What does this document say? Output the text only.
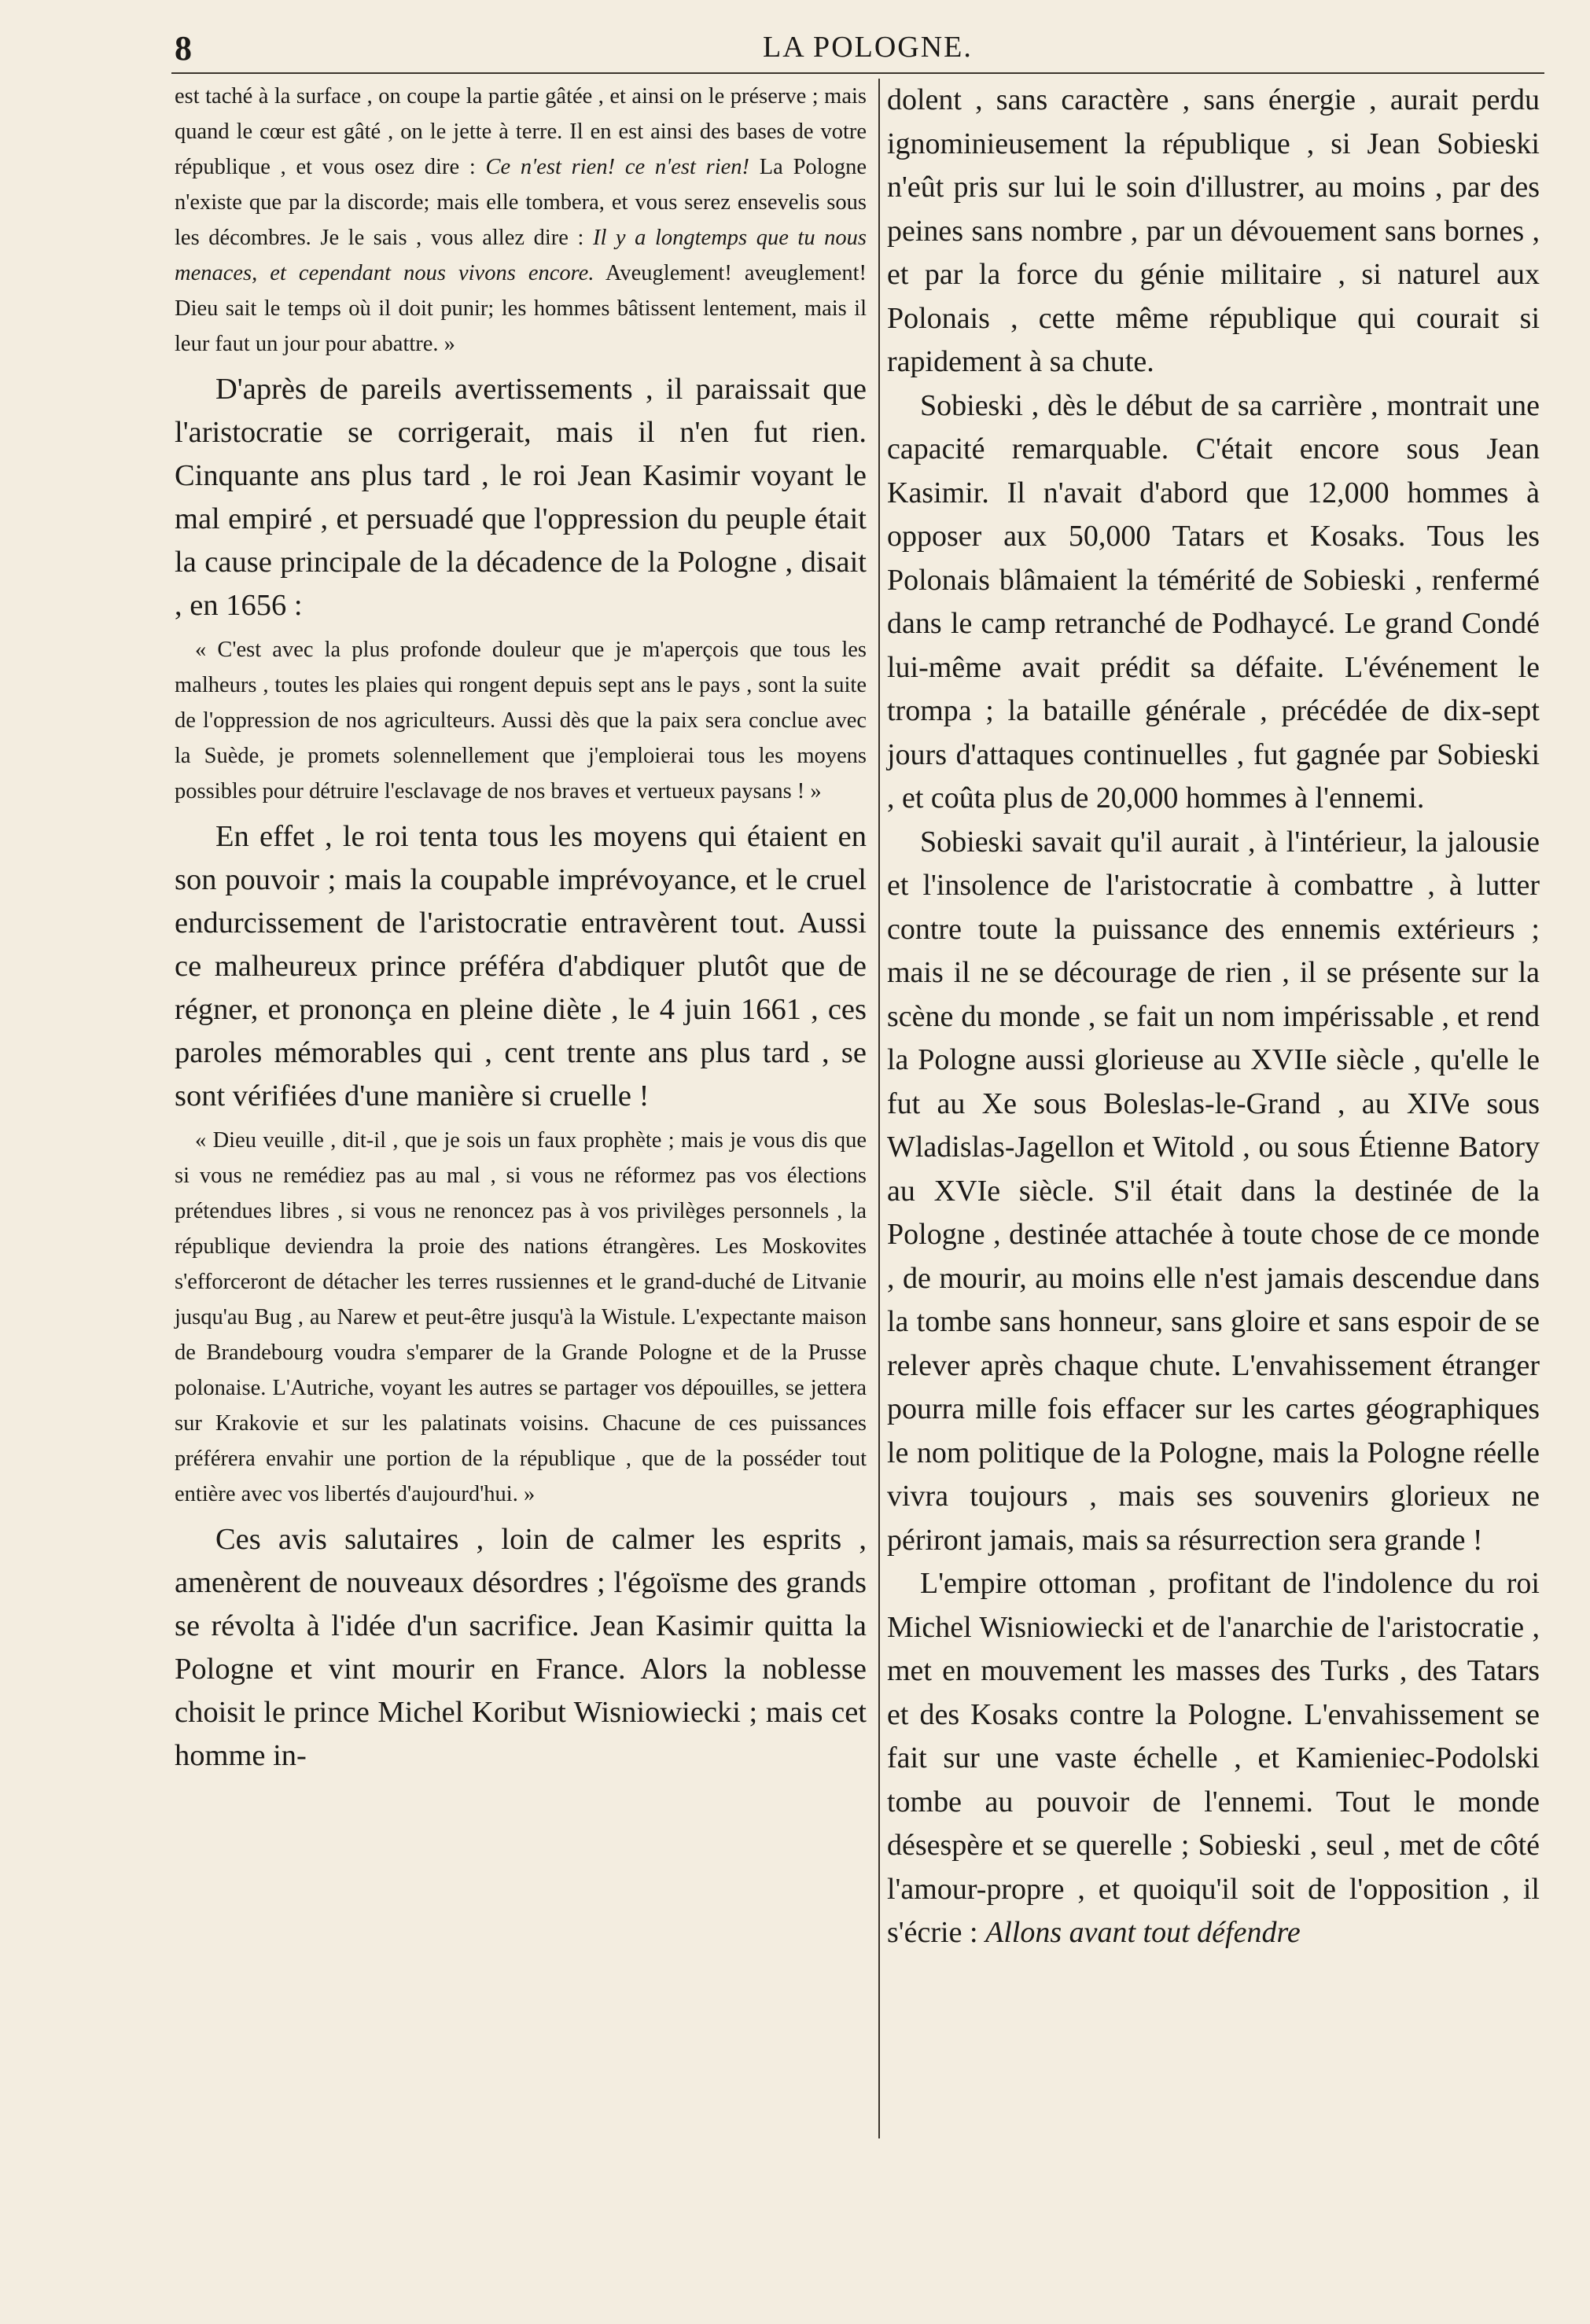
8	LA POLOGNE.

est taché à la surface , on coupe la partie gâtée , et ainsi on le préserve ; mais quand le cœur est gâté , on le jette à terre. Il en est ainsi des bases de votre république , et vous osez dire : Ce n'est rien! ce n'est rien! La Pologne n'existe que par la discorde; mais elle tombera, et vous serez ensevelis sous les décombres. Je le sais , vous allez dire : Il y a longtemps que tu nous menaces, et cependant nous vivons encore. Aveuglement! aveuglement! Dieu sait le temps où il doit punir; les hommes bâtissent lentement, mais il leur faut un jour pour abattre. »

D'après de pareils avertissements , il paraissait que l'aristocratie se corrigerait, mais il n'en fut rien. Cinquante ans plus tard , le roi Jean Kasimir voyant le mal empiré , et persuadé que l'oppression du peuple était la cause principale de la décadence de la Pologne , disait , en 1656 :

« C'est avec la plus profonde douleur que je m'aperçois que tous les malheurs , toutes les plaies qui rongent depuis sept ans le pays , sont la suite de l'oppression de nos agriculteurs. Aussi dès que la paix sera conclue avec la Suède, je promets solennellement que j'emploierai tous les moyens possibles pour détruire l'esclavage de nos braves et vertueux paysans ! »

En effet , le roi tenta tous les moyens qui étaient en son pouvoir ; mais la coupable imprévoyance, et le cruel endurcissement de l'aristocratie entravèrent tout. Aussi ce malheureux prince préféra d'abdiquer plutôt que de régner, et prononça en pleine diète , le 4 juin 1661 , ces paroles mémorables qui , cent trente ans plus tard , se sont vérifiées d'une manière si cruelle !

« Dieu veuille , dit-il , que je sois un faux prophète ; mais je vous dis que si vous ne remédiez pas au mal , si vous ne réformez pas vos élections prétendues libres , si vous ne renoncez pas à vos privilèges personnels , la république deviendra la proie des nations étrangères. Les Moskovites s'efforceront de détacher les terres russiennes et le grand-duché de Litvanie jusqu'au Bug , au Narew et peut-être jusqu'à la Wistule. L'expectante maison de Brandebourg voudra s'emparer de la Grande Pologne et de la Prusse polonaise. L'Autriche, voyant les autres se partager vos dépouilles, se jettera sur Krakovie et sur les palatinats voisins. Chacune de ces puissances préférera envahir une portion de la république , que de la posséder tout entière avec vos libertés d'aujourd'hui. »

Ces avis salutaires , loin de calmer les esprits , amenèrent de nouveaux désordres ; l'égoïsme des grands se révolta à l'idée d'un sacrifice. Jean Kasimir quitta la Pologne et vint mourir en France. Alors la noblesse choisit le prince Michel Koribut Wisniowiecki ; mais cet homme in-

dolent , sans caractère , sans énergie , aurait perdu ignominieusement la république , si Jean Sobieski n'eût pris sur lui le soin d'illustrer, au moins , par des peines sans nombre , par un dévouement sans bornes , et par la force du génie militaire , si naturel aux Polonais , cette même république qui courait si rapidement à sa chute.

Sobieski , dès le début de sa carrière , montrait une capacité remarquable. C'était encore sous Jean Kasimir. Il n'avait d'abord que 12,000 hommes à opposer aux 50,000 Tatars et Kosaks. Tous les Polonais blâmaient la témérité de Sobieski , renfermé dans le camp retranché de Podhaycé. Le grand Condé lui-même avait prédit sa défaite. L'événement le trompa ; la bataille générale , précédée de dix-sept jours d'attaques continuelles , fut gagnée par Sobieski , et coûta plus de 20,000 hommes à l'ennemi.

Sobieski savait qu'il aurait , à l'intérieur, la jalousie et l'insolence de l'aristocratie à combattre , à lutter contre toute la puissance des ennemis extérieurs ; mais il ne se décourage de rien , il se présente sur la scène du monde , se fait un nom impérissable , et rend la Pologne aussi glorieuse au XVIIe siècle , qu'elle le fut au Xe sous Boleslas-le-Grand , au XIVe sous Wladislas-Jagellon et Witold , ou sous Étienne Batory au XVIe siècle. S'il était dans la destinée de la Pologne , destinée attachée à toute chose de ce monde , de mourir, au moins elle n'est jamais descendue dans la tombe sans honneur, sans gloire et sans espoir de se relever après chaque chute. L'envahissement étranger pourra mille fois effacer sur les cartes géographiques le nom politique de la Pologne, mais la Pologne réelle vivra toujours , mais ses souvenirs glorieux ne périront jamais, mais sa résurrection sera grande !

L'empire ottoman , profitant de l'indolence du roi Michel Wisniowiecki et de l'anarchie de l'aristocratie , met en mouvement les masses des Turks , des Tatars et des Kosaks contre la Pologne. L'envahissement se fait sur une vaste échelle , et Kamieniec-Podolski tombe au pouvoir de l'ennemi. Tout le monde désespère et se querelle ; Sobieski , seul , met de côté l'amour-propre , et quoiqu'il soit de l'opposition , il s'écrie : Allons avant tout défendre
